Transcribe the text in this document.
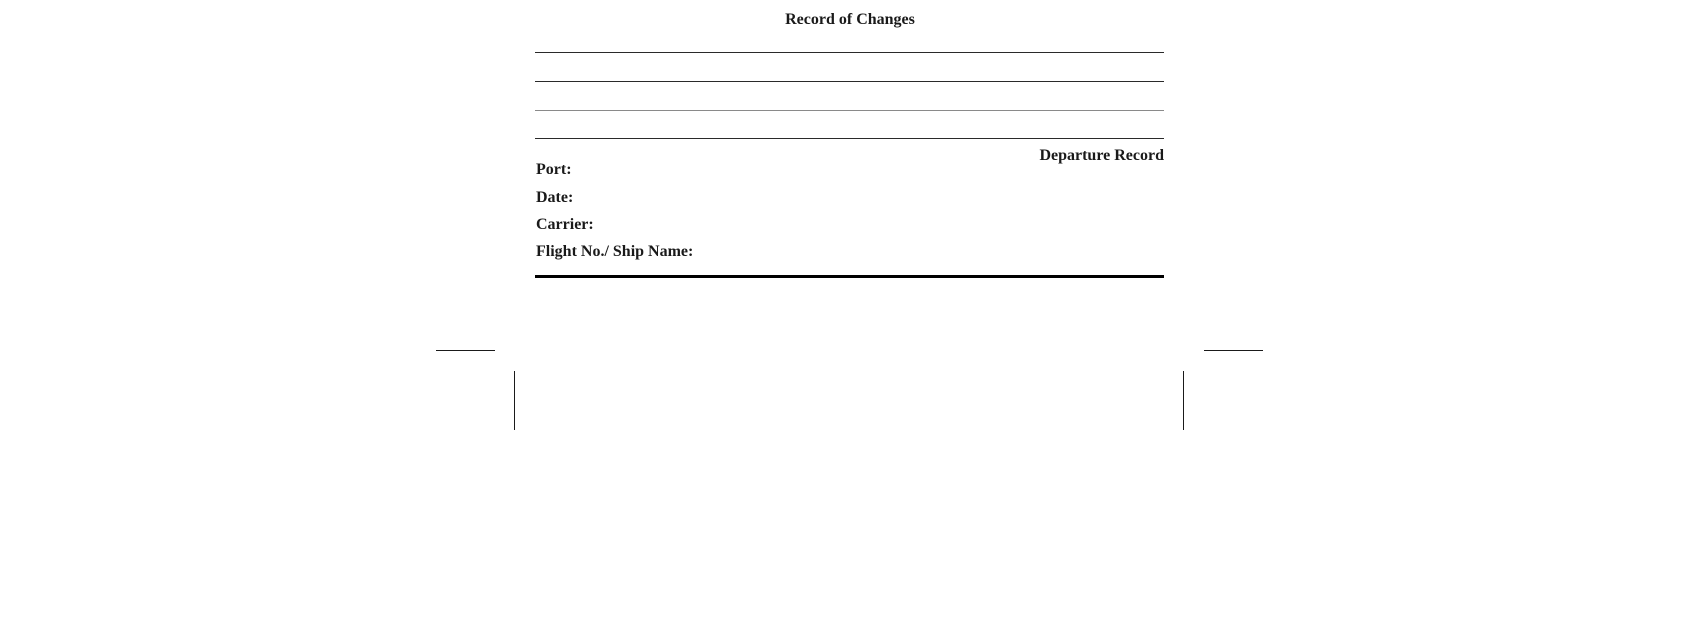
Record of Changes
Departure Record
Port:
Date:
Carrier:
Flight No./ Ship Name:
